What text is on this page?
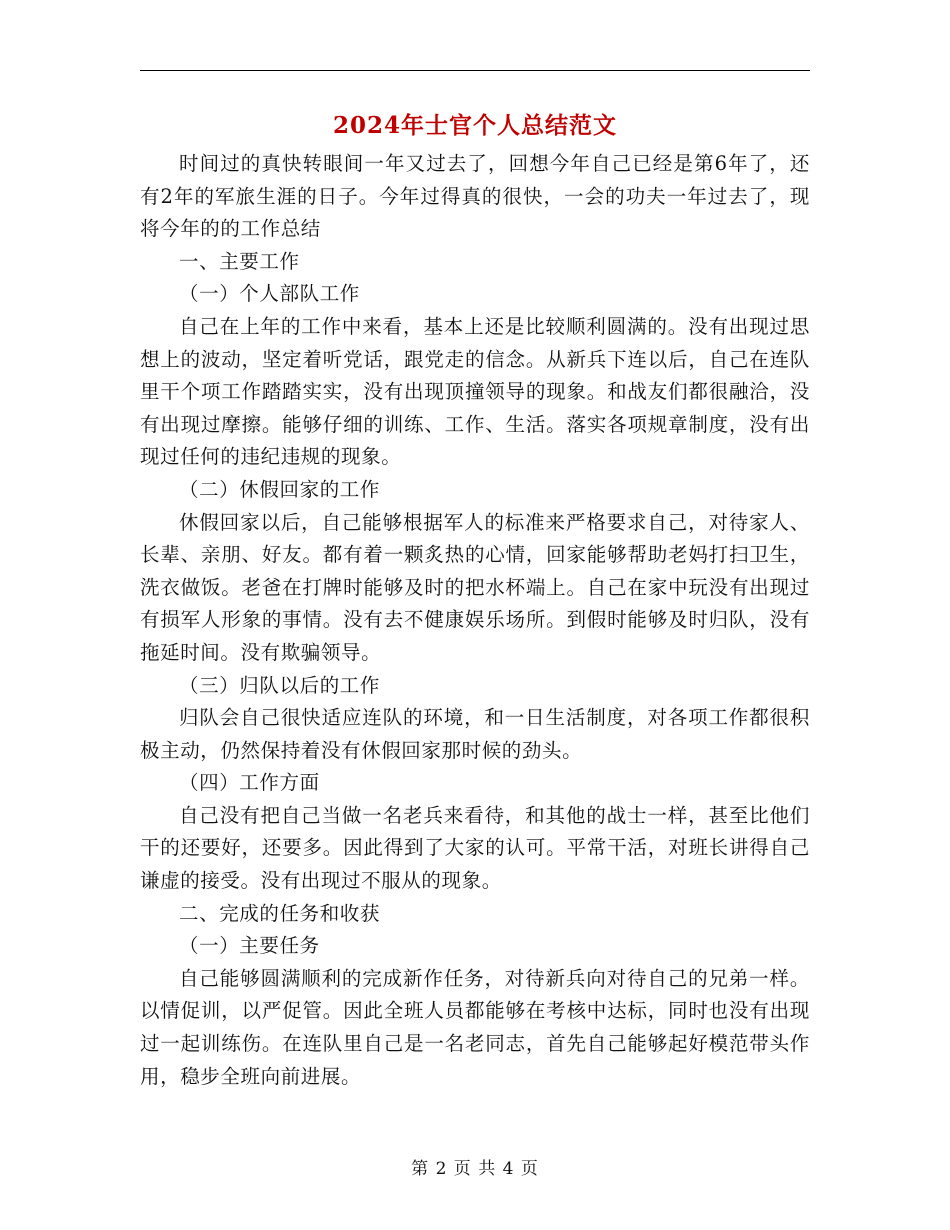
2024年士官个人总结范文

时间过的真快转眼间一年又过去了，回想今年自己已经是第6年了，还有2年的军旅生涯的日子。今年过得真的很快，一会的功夫一年过去了，现将今年的的工作总结

一、主要工作

（一）个人部队工作

自己在上年的工作中来看，基本上还是比较顺利圆满的。没有出现过思想上的波动，坚定着听党话，跟党走的信念。从新兵下连以后，自己在连队里干个项工作踏踏实实，没有出现顶撞领导的现象。和战友们都很融洽，没有出现过摩擦。能够仔细的训练、工作、生活。落实各项规章制度，没有出现过任何的违纪违规的现象。

（二）休假回家的工作

休假回家以后，自己能够根据军人的标准来严格要求自己，对待家人、长辈、亲朋、好友。都有着一颗炙热的心情，回家能够帮助老妈打扫卫生，洗衣做饭。老爸在打牌时能够及时的把水杯端上。自己在家中玩没有出现过有损军人形象的事情。没有去不健康娱乐场所。到假时能够及时归队，没有拖延时间。没有欺骗领导。

（三）归队以后的工作

归队会自己很快适应连队的环境，和一日生活制度，对各项工作都很积极主动，仍然保持着没有休假回家那时候的劲头。

（四）工作方面

自己没有把自己当做一名老兵来看待，和其他的战士一样，甚至比他们干的还要好，还要多。因此得到了大家的认可。平常干活，对班长讲得自己谦虚的接受。没有出现过不服从的现象。

二、完成的任务和收获

（一）主要任务

自己能够圆满顺利的完成新作任务，对待新兵向对待自己的兄弟一样。以情促训，以严促管。因此全班人员都能够在考核中达标，同时也没有出现过一起训练伤。在连队里自己是一名老同志，首先自己能够起好模范带头作用，稳步全班向前进展。

第 2 页 共 4 页
